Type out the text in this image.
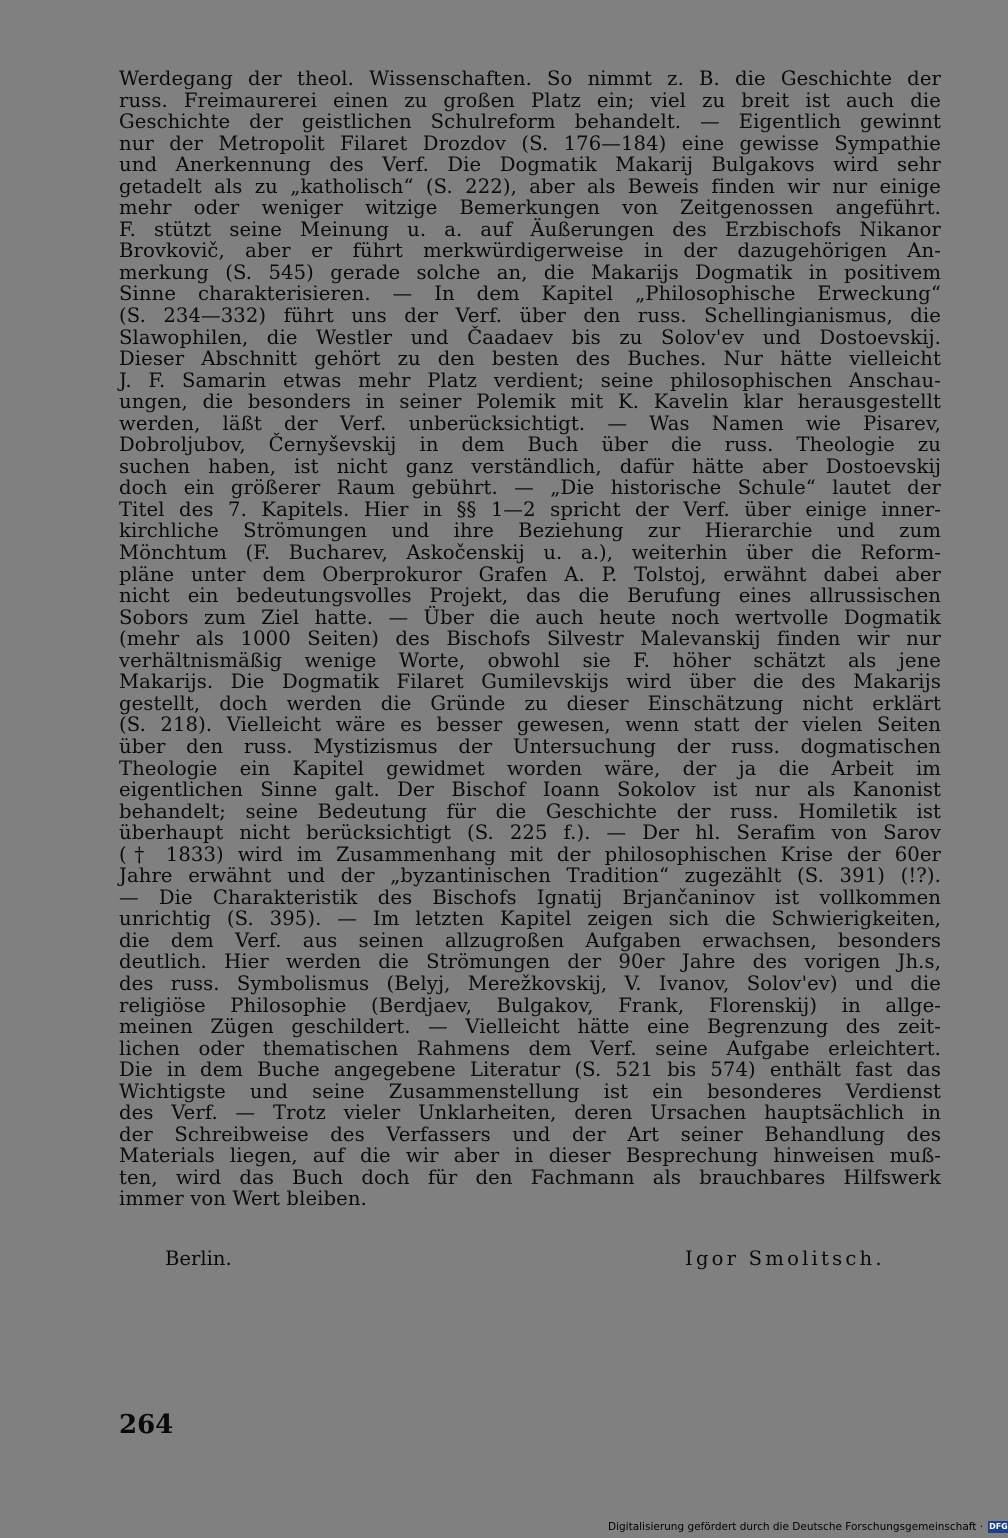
Werdegang der theol. Wissenschaften. So nimmt z. B. die Geschichte der
russ. Freimaurerei einen zu großen Platz ein; viel zu breit ist auch die
Geschichte der geistlichen Schulreform behandelt. — Eigentlich gewinnt
nur der Metropolit Filaret Drozdov (S. 176—184) eine gewisse Sympathie
und Anerkennung des Verf. Die Dogmatik Makarij Bulgakovs wird sehr
getadelt als zu „katholisch“ (S. 222), aber als Beweis finden wir nur einige
mehr oder weniger witzige Bemerkungen von Zeitgenossen angeführt.
F. stützt seine Meinung u. a. auf Äußerungen des Erzbischofs Nikanor
Brovkovič, aber er führt merkwürdigerweise in der dazugehörigen An-
merkung (S. 545) gerade solche an, die Makarijs Dogmatik in positivem
Sinne charakterisieren. — In dem Kapitel „Philosophische Erweckung“
(S. 234—332) führt uns der Verf. über den russ. Schellingianismus, die
Slawophilen, die Westler und Čaadaev bis zu Solov'ev und Dostoevskij.
Dieser Abschnitt gehört zu den besten des Buches. Nur hätte vielleicht
J. F. Samarin etwas mehr Platz verdient; seine philosophischen Anschau-
ungen, die besonders in seiner Polemik mit K. Kavelin klar herausgestellt
werden, läßt der Verf. unberücksichtigt. — Was Namen wie Pisarev,
Dobroljubov, Černyševskij in dem Buch über die russ. Theologie zu
suchen haben, ist nicht ganz verständlich, dafür hätte aber Dostoevskij
doch ein größerer Raum gebührt. — „Die historische Schule“ lautet der
Titel des 7. Kapitels. Hier in §§ 1—2 spricht der Verf. über einige inner-
kirchliche Strömungen und ihre Beziehung zur Hierarchie und zum
Mönchtum (F. Bucharev, Askočenskij u. a.), weiterhin über die Reform-
pläne unter dem Oberprokuror Grafen A. P. Tolstoj, erwähnt dabei aber
nicht ein bedeutungsvolles Projekt, das die Berufung eines allrussischen
Sobors zum Ziel hatte. — Über die auch heute noch wertvolle Dogmatik
(mehr als 1000 Seiten) des Bischofs Silvestr Malevanskij finden wir nur
verhältnismäßig wenige Worte, obwohl sie F. höher schätzt als jene
Makarijs. Die Dogmatik Filaret Gumilevskijs wird über die des Makarijs
gestellt, doch werden die Gründe zu dieser Einschätzung nicht erklärt
(S. 218). Vielleicht wäre es besser gewesen, wenn statt der vielen Seiten
über den russ. Mystizismus der Untersuchung der russ. dogmatischen
Theologie ein Kapitel gewidmet worden wäre, der ja die Arbeit im
eigentlichen Sinne galt. Der Bischof Ioann Sokolov ist nur als Kanonist
behandelt; seine Bedeutung für die Geschichte der russ. Homiletik ist
überhaupt nicht berücksichtigt (S. 225 f.). — Der hl. Serafim von Sarov
(† 1833) wird im Zusammenhang mit der philosophischen Krise der 60er
Jahre erwähnt und der „byzantinischen Tradition“ zugezählt (S. 391) (!?).
— Die Charakteristik des Bischofs Ignatij Brjančaninov ist vollkommen
unrichtig (S. 395). — Im letzten Kapitel zeigen sich die Schwierigkeiten,
die dem Verf. aus seinen allzugroßen Aufgaben erwachsen, besonders
deutlich. Hier werden die Strömungen der 90er Jahre des vorigen Jh.s,
des russ. Symbolismus (Belyj, Merežkovskij, V. Ivanov, Solov'ev) und die
religiöse Philosophie (Berdjaev, Bulgakov, Frank, Florenskij) in allge-
meinen Zügen geschildert. — Vielleicht hätte eine Begrenzung des zeit-
lichen oder thematischen Rahmens dem Verf. seine Aufgabe erleichtert.
Die in dem Buche angegebene Literatur (S. 521 bis 574) enthält fast das
Wichtigste und seine Zusammenstellung ist ein besonderes Verdienst
des Verf. — Trotz vieler Unklarheiten, deren Ursachen hauptsächlich in
der Schreibweise des Verfassers und der Art seiner Behandlung des
Materials liegen, auf die wir aber in dieser Besprechung hinweisen muß-
ten, wird das Buch doch für den Fachmann als brauchbares Hilfswerk
immer von Wert bleiben.
Berlin.	Igor Smolitsch.
264
Digitalisierung gefördert durch die Deutsche Forschungsgemeinschaft · DFG
